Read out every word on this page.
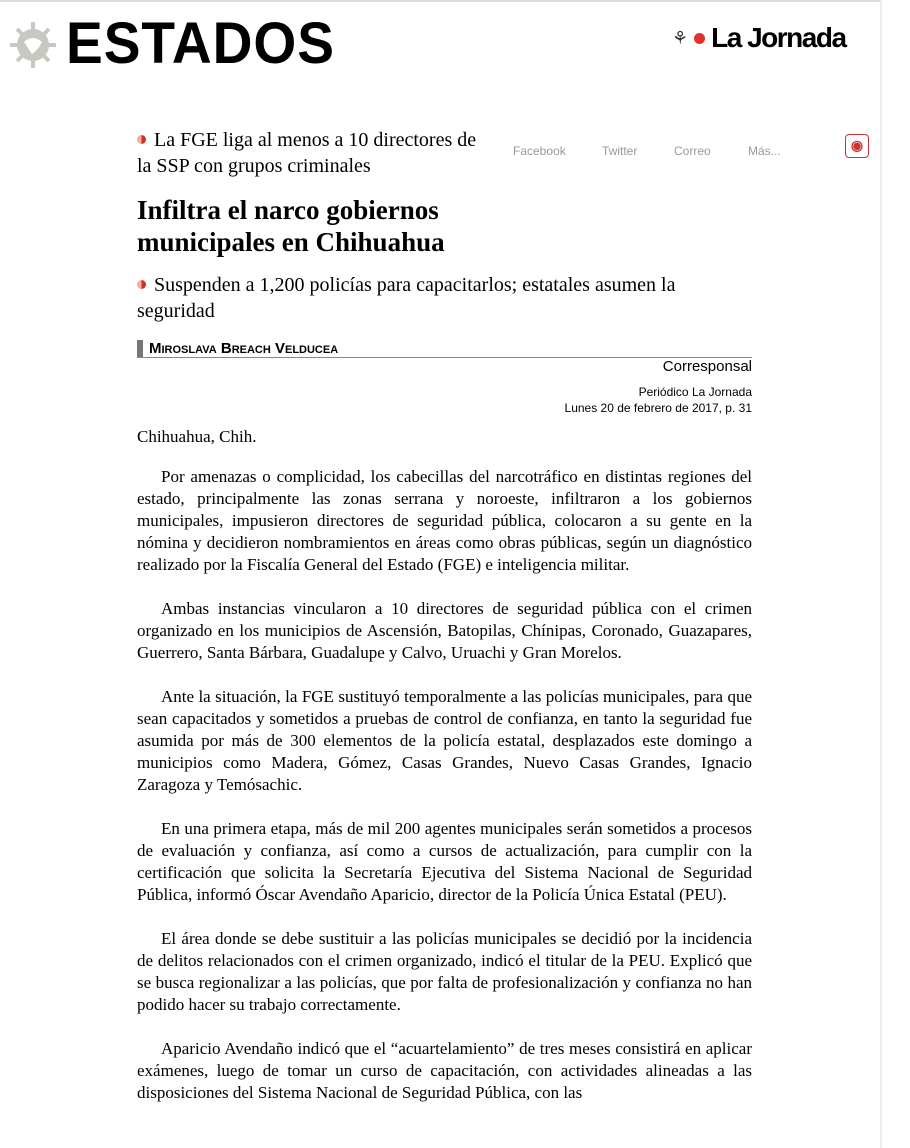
ESTADOS	⚘ La Jornada
La FGE liga al menos a 10 directores de la SSP con grupos criminales
Facebook	Twitter	Correo	Más...	◉
Infiltra el narco gobiernos municipales en Chihuahua
Suspenden a 1,200 policías para capacitarlos; estatales asumen la seguridad
Miroslava Breach Velducea
Corresponsal
Periódico La Jornada
Lunes 20 de febrero de 2017, p. 31
Chihuahua, Chih.

Por amenazas o complicidad, los cabecillas del narcotráfico en distintas regiones del estado, principalmente las zonas serrana y noroeste, infiltraron a los gobiernos municipales, impusieron directores de seguridad pública, colocaron a su gente en la nómina y decidieron nombramientos en áreas como obras públicas, según un diagnóstico realizado por la Fiscalía General del Estado (FGE) e inteligencia militar.

Ambas instancias vincularon a 10 directores de seguridad pública con el crimen organizado en los municipios de Ascensión, Batopilas, Chínipas, Coronado, Guazapares, Guerrero, Santa Bárbara, Guadalupe y Calvo, Uruachi y Gran Morelos.

Ante la situación, la FGE sustituyó temporalmente a las policías municipales, para que sean capacitados y sometidos a pruebas de control de confianza, en tanto la seguridad fue asumida por más de 300 elementos de la policía estatal, desplazados este domingo a municipios como Madera, Gómez, Casas Grandes, Nuevo Casas Grandes, Ignacio Zaragoza y Temósachic.

En una primera etapa, más de mil 200 agentes municipales serán sometidos a procesos de evaluación y confianza, así como a cursos de actualización, para cumplir con la certificación que solicita la Secretaría Ejecutiva del Sistema Nacional de Seguridad Pública, informó Óscar Avendaño Aparicio, director de la Policía Única Estatal (PEU).

El área donde se debe sustituir a las policías municipales se decidió por la incidencia de delitos relacionados con el crimen organizado, indicó el titular de la PEU. Explicó que se busca regionalizar a las policías, que por falta de profesionalización y confianza no han podido hacer su trabajo correctamente.

Aparicio Avendaño indicó que el “acuartelamiento” de tres meses consistirá en aplicar exámenes, luego de tomar un curso de capacitación, con actividades alineadas a las disposiciones del Sistema Nacional de Seguridad Pública, con las
